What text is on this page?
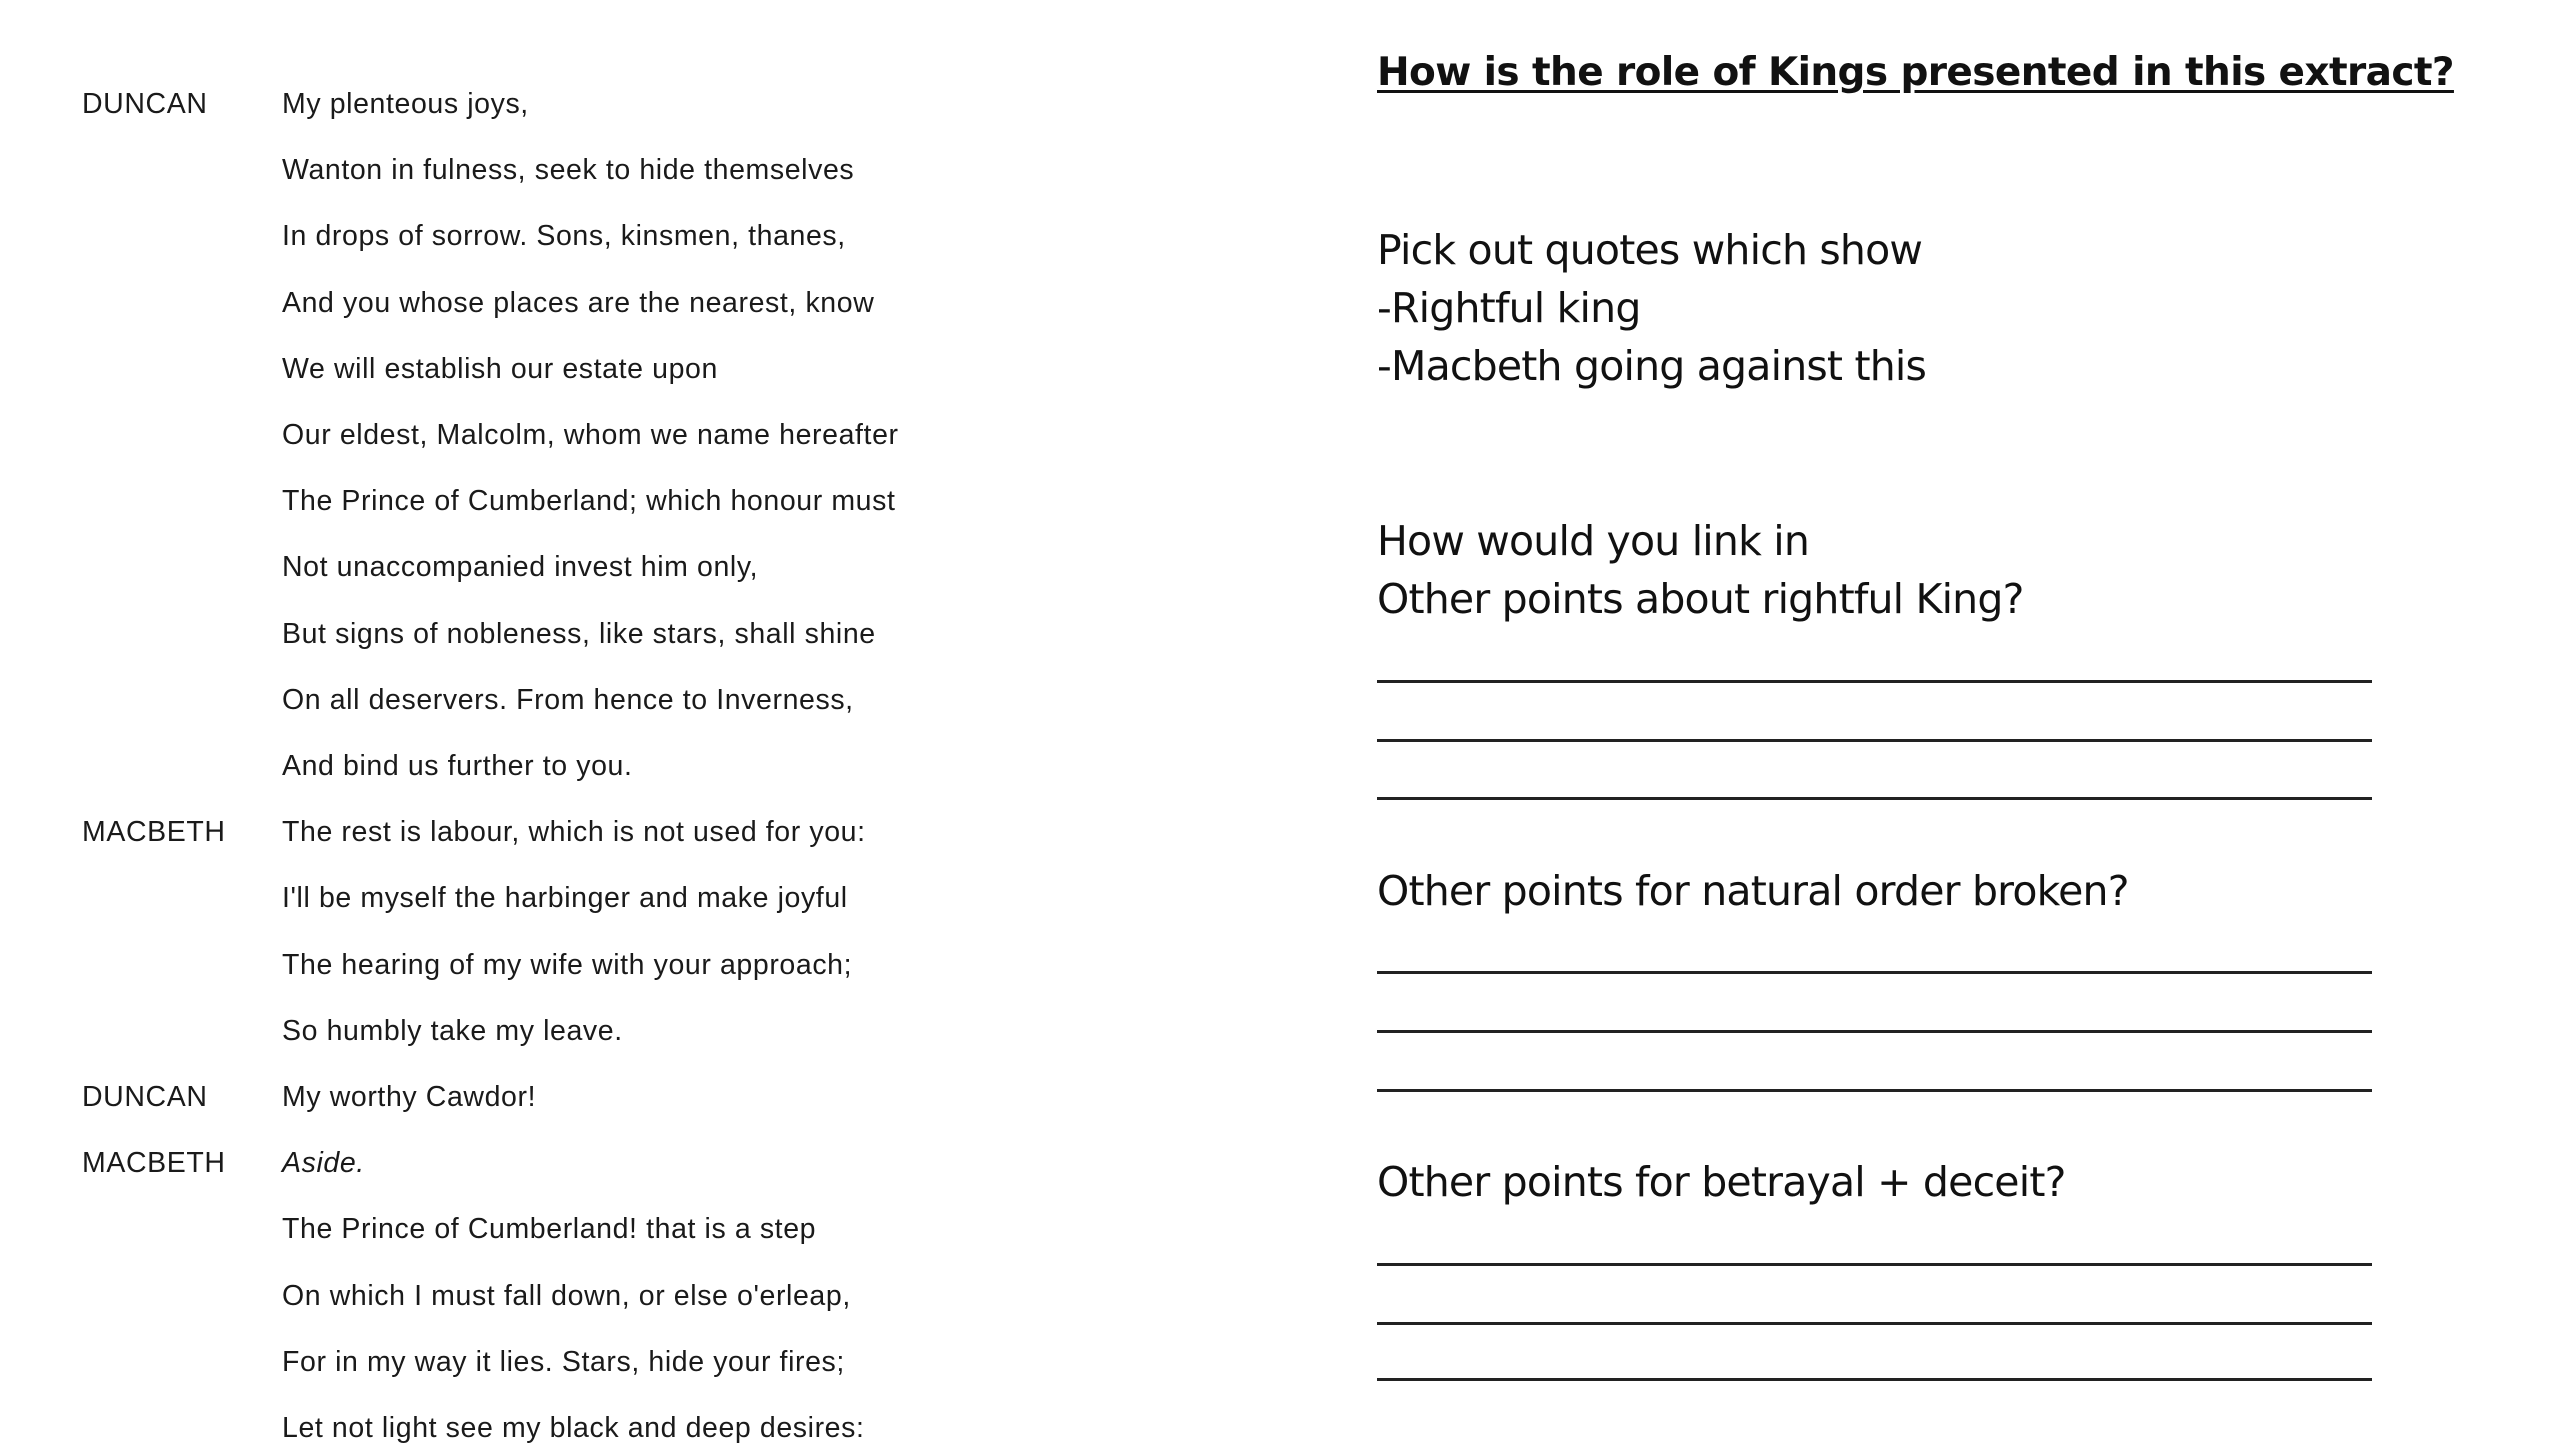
DUNCAN	My plenteous joys,
Wanton in fulness, seek to hide themselves
In drops of sorrow. Sons, kinsmen, thanes,
And you whose places are the nearest, know
We will establish our estate upon
Our eldest, Malcolm, whom we name hereafter
The Prince of Cumberland; which honour must
Not unaccompanied invest him only,
But signs of nobleness, like stars, shall shine
On all deservers. From hence to Inverness,
And bind us further to you.
MACBETH The rest is labour, which is not used for you:
I'll be myself the harbinger and make joyful
The hearing of my wife with your approach;
So humbly take my leave.
DUNCAN	My worthy Cawdor!
MACBETH Aside.
The Prince of Cumberland! that is a step
On which I must fall down, or else o'erleap,
For in my way it lies. Stars, hide your fires;
Let not light see my black and deep desires:
How is the role of Kings presented in this extract?
Pick out quotes which show
-Rightful king
-Macbeth going against this
How would you link in
Other points about rightful King?
Other points for natural order broken?
Other points for betrayal + deceit?
